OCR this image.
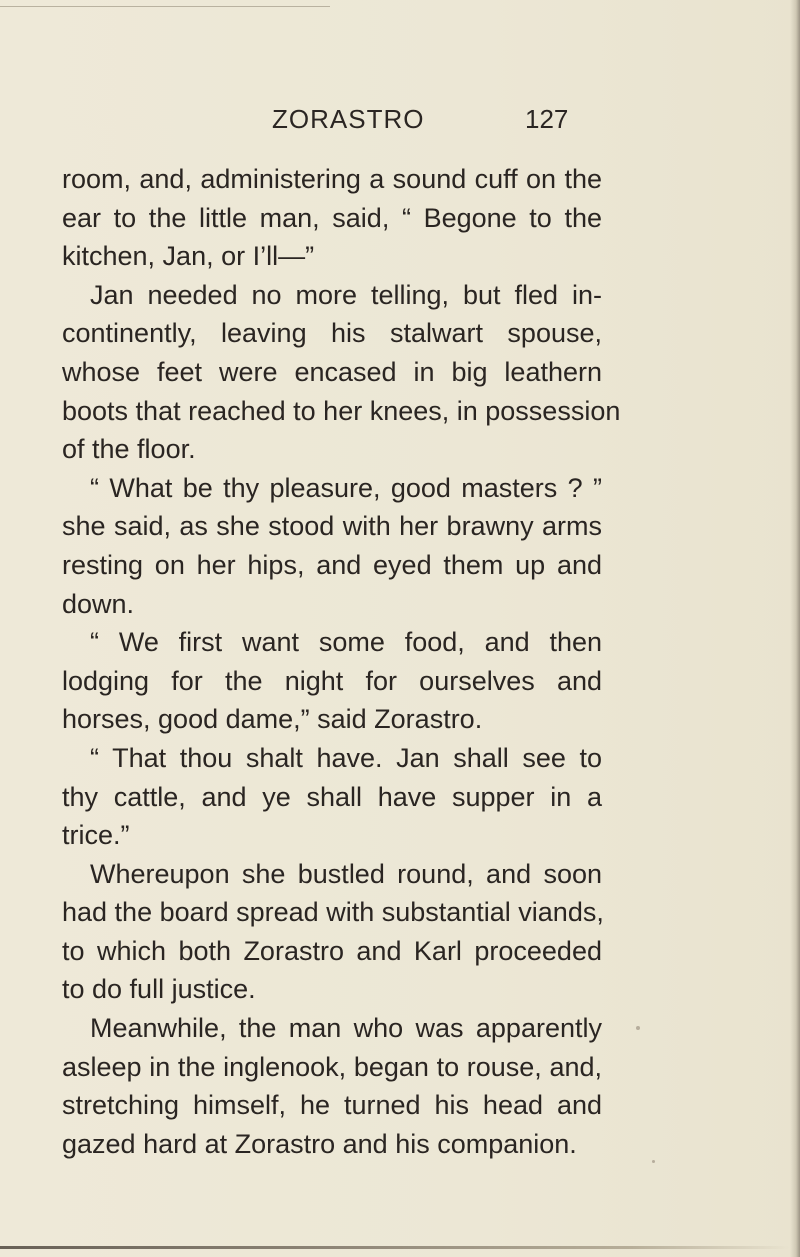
ZORASTRO	127
room, and, administering a sound cuff on the
ear to the little man, said, “ Begone to the
kitchen, Jan, or I’ll—”
Jan needed no more telling, but fled in-
continently, leaving his stalwart spouse,
whose feet were encased in big leathern
boots that reached to her knees, in possession
of the floor.
“ What be thy pleasure, good masters ? ”
she said, as she stood with her brawny arms
resting on her hips, and eyed them up and
down.
“ We first want some food, and then
lodging for the night for ourselves and
horses, good dame,” said Zorastro.
“ That thou shalt have. Jan shall see to
thy cattle, and ye shall have supper in a
trice.”
Whereupon she bustled round, and soon
had the board spread with substantial viands,
to which both Zorastro and Karl proceeded
to do full justice.
Meanwhile, the man who was apparently
asleep in the inglenook, began to rouse, and,
stretching himself, he turned his head and
gazed hard at Zorastro and his companion.
